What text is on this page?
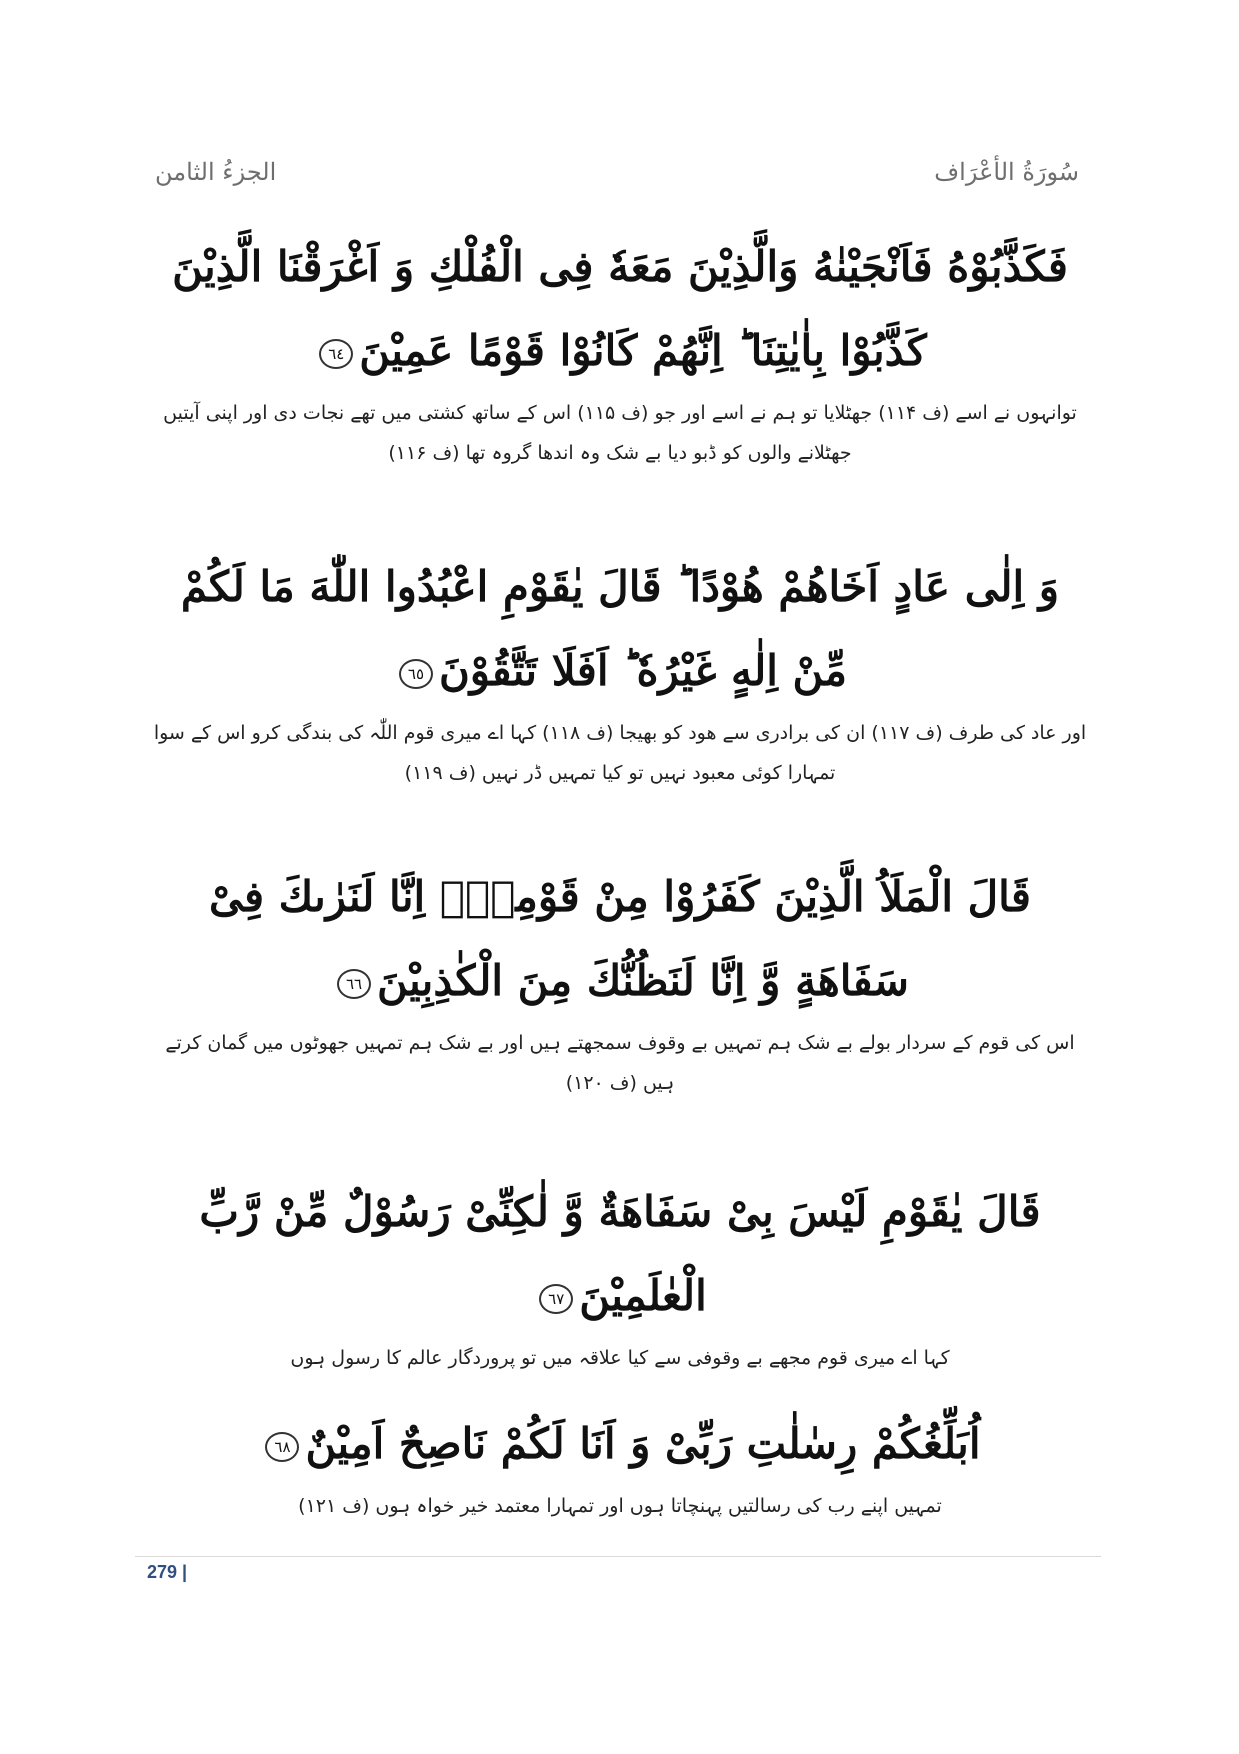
سُورَةُ الأعْرَاف
الجزءُ الثامن
فَكَذَّبُوْهُ فَاَنْجَيْنٰهُ وَالَّذِيْنَ مَعَهٗ فِى الْفُلْكِ وَ اَغْرَقْنَا الَّذِيْنَ كَذَّبُوْا بِاٰيٰتِنَا ؕ اِنَّهُمْ كَانُوْا قَوْمًا عَمِيْنَ٦٤
توانہوں نے اسے (ف ۱۱۴) جھٹلایا تو ہم نے اسے اور جو (ف ۱۱۵) اس کے ساتھ کشتی میں تھے نجات دی اور اپنی آیتیں جھٹلانے والوں کو ڈبو دیا بے شک وہ اندھا گروہ تھا (ف ۱۱۶)
وَ اِلٰى عَادٍ اَخَاهُمْ هُوْدًا ؕ قَالَ يٰقَوْمِ اعْبُدُوا اللّٰهَ مَا لَكُمْ مِّنْ اِلٰهٍ غَيْرُهٗ ؕ اَفَلَا تَتَّقُوْنَ٦٥
اور عاد کی طرف (ف ۱۱۷) ان کی برادری سے ھود کو بھیجا (ف ۱۱۸) کہا اے میری قوم اللّٰہ کی بندگی کرو اس کے سوا تمہارا کوئی معبود نہیں تو کیا تمہیں ڈر نہیں (ف ۱۱۹)
قَالَ الْمَلَاُ الَّذِيْنَ كَفَرُوْا مِنْ قَوْمِهٖۤ اِنَّا لَنَرٰىكَ فِىْ سَفَاهَةٍ وَّ اِنَّا لَنَظُنُّكَ مِنَ الْكٰذِبِيْنَ٦٦
اس کی قوم کے سردار بولے بے شک ہم تمہیں بے وقوف سمجھتے ہیں اور بے شک ہم تمہیں جھوٹوں میں گمان کرتے ہیں (ف ۱۲۰)
قَالَ يٰقَوْمِ لَيْسَ بِىْ سَفَاهَةٌ وَّ لٰكِنِّىْ رَسُوْلٌ مِّنْ رَّبِّ الْعٰلَمِيْنَ٦٧
کہا اے میری قوم مجھے بے وقوفی سے کیا علاقہ میں تو پروردگار عالم کا رسول ہوں
اُبَلِّغُكُمْ رِسٰلٰتِ رَبِّىْ وَ اَنَا لَكُمْ نَاصِحٌ اَمِيْنٌ٦٨
تمہیں اپنے رب کی رسالتیں پہنچاتا ہوں اور تمہارا معتمد خیر خواہ ہوں (ف ۱۲۱)
279 |
